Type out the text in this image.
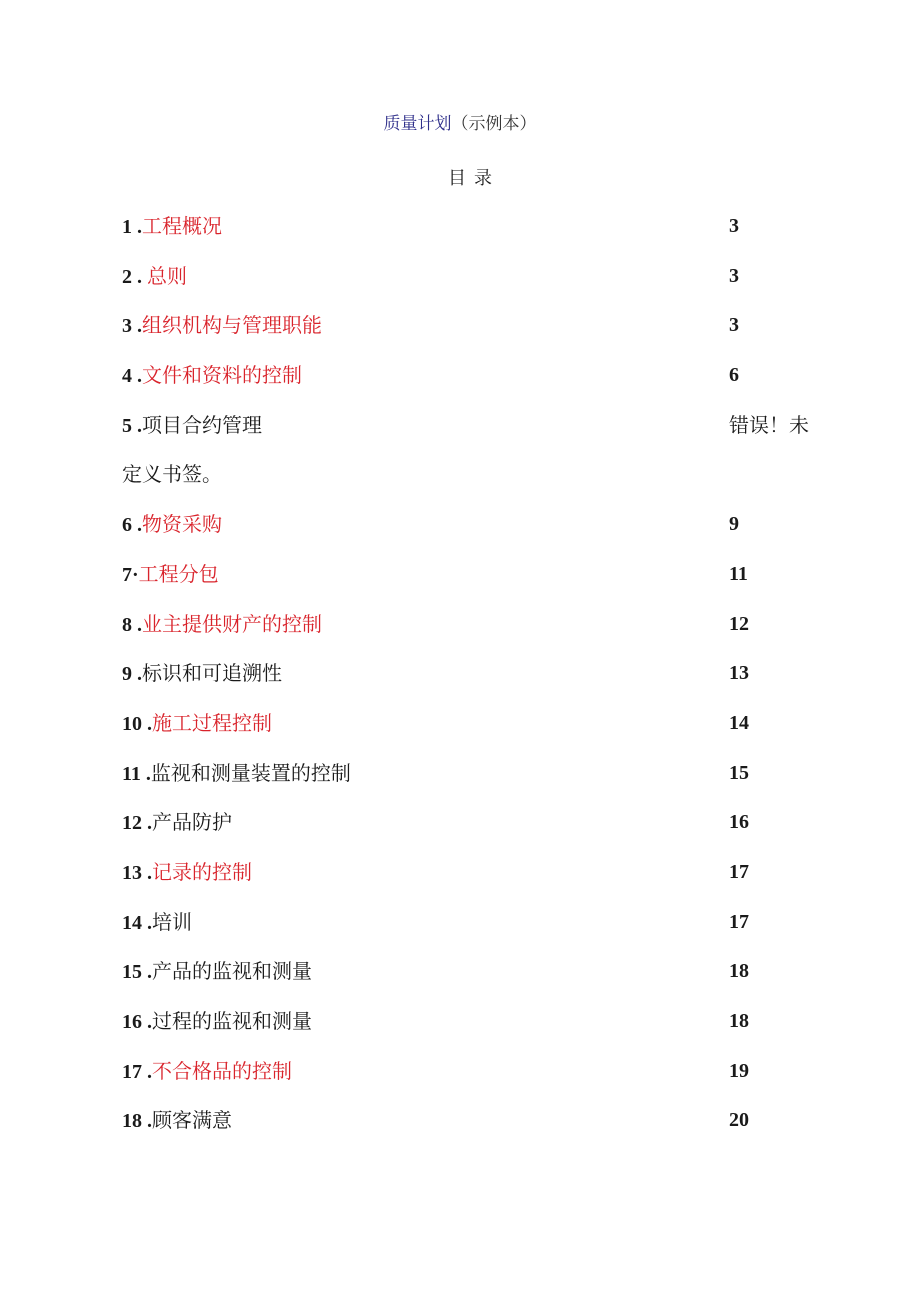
质量计划（示例本）
目录
1 .工程概况	3
2 . 总则	3
3 .组织机构与管理职能	3
4 .文件和资料的控制	6
5 .项目合约管理	错误！未
定义书签。
6 .物资采购	9
7·工程分包	11
8 .业主提供财产的控制	12
9 .标识和可追溯性	13
10 .施工过程控制	14
11 .监视和测量装置的控制	15
12 .产品防护	16
13 .记录的控制	17
14 .培训	17
15 .产品的监视和测量	18
16 .过程的监视和测量	18
17 .不合格品的控制	19
18 .顾客满意	20
